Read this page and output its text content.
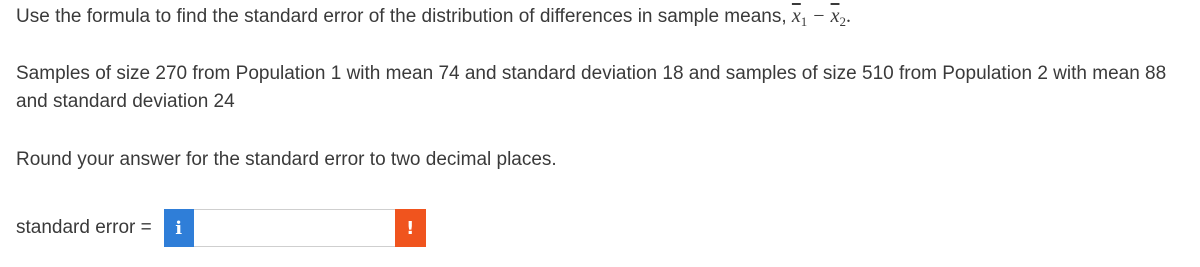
Use the formula to find the standard error of the distribution of differences in sample means, $\overline{x}_1 - \overline{x}_2$.

Samples of size 270 from Population 1 with mean 74 and standard deviation 18 and samples of size 510 from Population 2 with mean 88 and standard deviation 24

Round your answer for the standard error to two decimal places.
standard error = i	!
